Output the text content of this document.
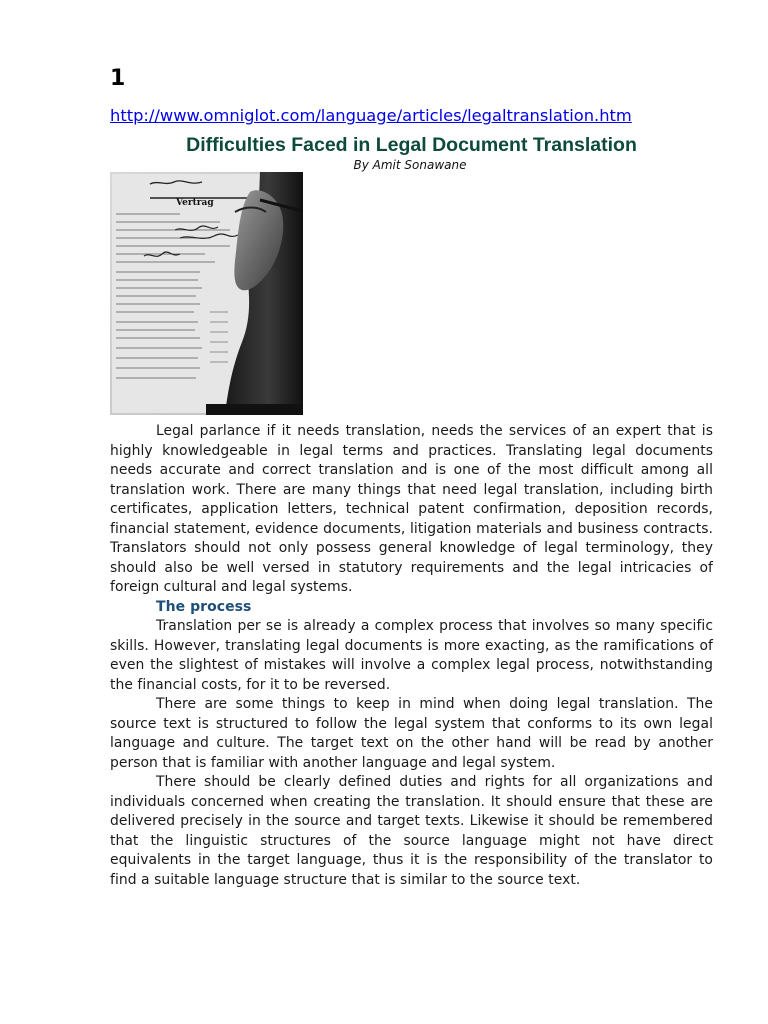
1
http://www.omniglot.com/language/articles/legaltranslation.htm
Difficulties Faced in Legal Document Translation
By Amit Sonawane
Vertrag

Legal parlance if it needs translation, needs the services of an expert that is highly knowledgeable in legal terms and practices. Translating legal documents needs accurate and correct translation and is one of the most difficult among all translation work. There are many things that need legal translation, including birth certificates, application letters, technical patent confirmation, deposition records, financial statement, evidence documents, litigation materials and business contracts. Translators should not only possess general knowledge of legal terminology, they should also be well versed in statutory requirements and the legal intricacies of foreign cultural and legal systems.

The process

Translation per se is already a complex process that involves so many specific skills. However, translating legal documents is more exacting, as the ramifications of even the slightest of mistakes will involve a complex legal process, notwithstanding the financial costs, for it to be reversed.

There are some things to keep in mind when doing legal translation. The source text is structured to follow the legal system that conforms to its own legal language and culture. The target text on the other hand will be read by another person that is familiar with another language and legal system.

There should be clearly defined duties and rights for all organizations and individuals concerned when creating the translation. It should ensure that these are delivered precisely in the source and target texts. Likewise it should be remembered that the linguistic structures of the source language might not have direct equivalents in the target language, thus it is the responsibility of the translator to find a suitable language structure that is similar to the source text.
